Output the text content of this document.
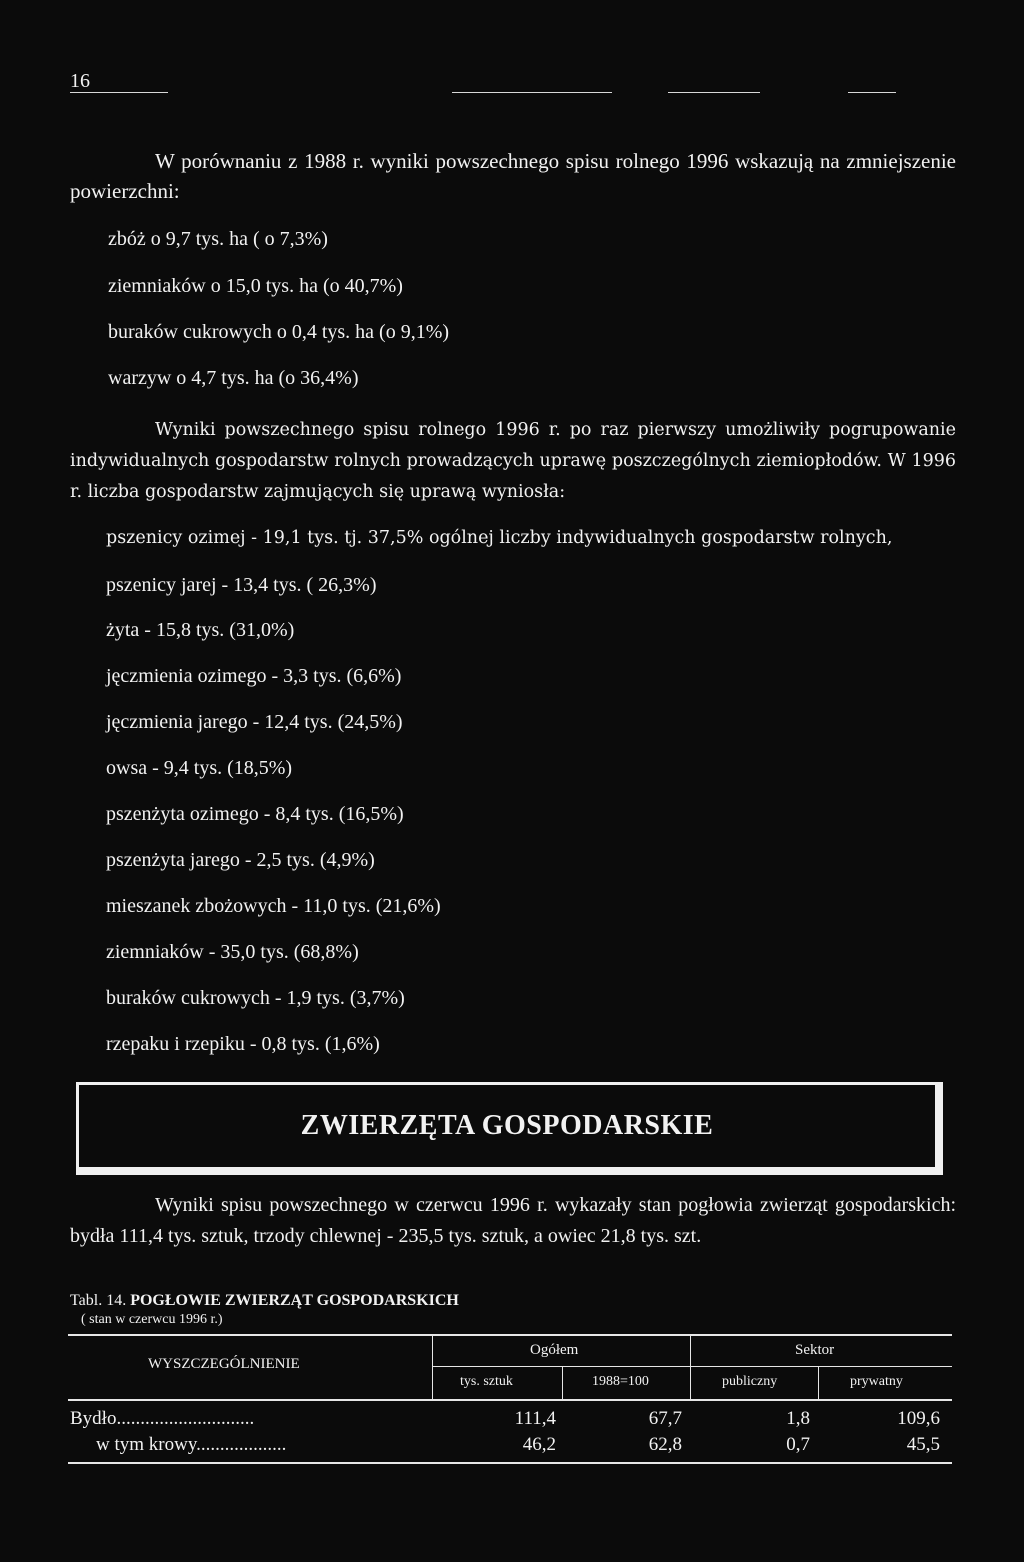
16
W porównaniu z 1988 r. wyniki powszechnego spisu rolnego 1996 wskazują na zmniejszenie powierzchni:
zbóż o 9,7 tys. ha ( o 7,3%)
ziemniaków o 15,0 tys. ha (o 40,7%)
buraków cukrowych o 0,4 tys. ha (o 9,1%)
warzyw o 4,7 tys. ha (o 36,4%)
Wyniki powszechnego spisu rolnego 1996 r. po raz pierwszy umożliwiły pogrupowanie indywidualnych gospodarstw rolnych prowadzących uprawę poszczególnych ziemiopłodów. W 1996 r. liczba gospodarstw zajmujących się uprawą wyniosła:
pszenicy ozimej - 19,1 tys. tj. 37,5% ogólnej liczby indywidualnych gospodarstw rolnych,
pszenicy jarej - 13,4 tys. ( 26,3%)
żyta - 15,8 tys. (31,0%)
jęczmienia ozimego - 3,3 tys. (6,6%)
jęczmienia jarego - 12,4 tys. (24,5%)
owsa - 9,4 tys. (18,5%)
pszenżyta ozimego - 8,4 tys. (16,5%)
pszenżyta jarego - 2,5 tys. (4,9%)
mieszanek zbożowych - 11,0 tys. (21,6%)
ziemniaków - 35,0 tys. (68,8%)
buraków cukrowych - 1,9 tys. (3,7%)
rzepaku i rzepiku - 0,8 tys. (1,6%)
ZWIERZĘTA GOSPODARSKIE
Wyniki spisu powszechnego w czerwcu 1996 r. wykazały stan pogłowia zwierząt gospodarskich: bydła 111,4 tys. sztuk, trzody chlewnej - 235,5 tys. sztuk, a owiec 21,8 tys. szt.
Tabl. 14. POGŁOWIE ZWIERZĄT GOSPODARSKICH
( stan w czerwcu 1996 r.)
WYSZCZEGÓLNIENIE
Ogółem	Sektor
tys. sztuk	1988=100	publiczny	prywatny
Bydło.............................	111,4	67,7	1,8	109,6
w tym krowy...................	46,2	62,8	0,7	45,5
